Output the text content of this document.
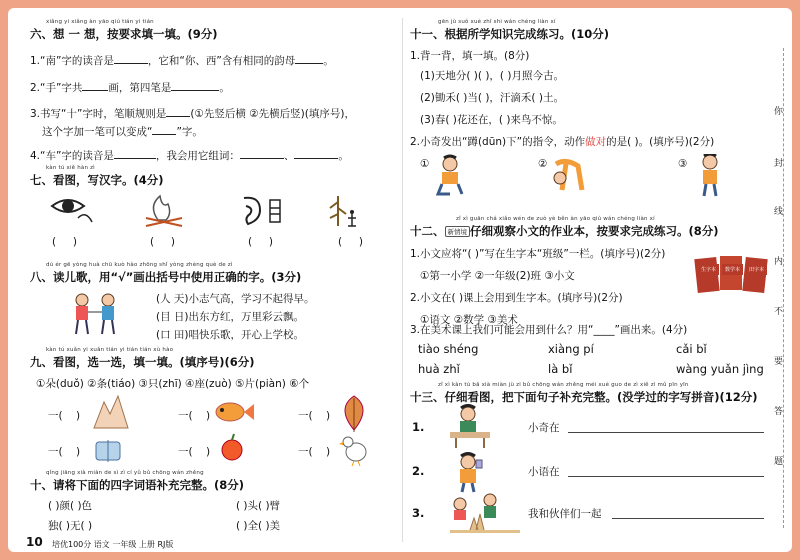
xiǎng yi xiǎng àn yāo qiú tián yi tián
六、想 一 想，按要求填一填。(9分)
1.“南”字的读音是	，它和“你、西”含有相同的韵母	。
2.“手”字共 画，第四笔是	。
3.书写“十”字时，笔顺规则是 (①先竖后横 ②先横后竖)(填序号)，
这个字加一笔可以变成“ ”字。
4.“车”字的读音是	，我会用它组词：	、	。
kàn tú xiě hàn zì
七、看图，写汉字。(4分)
( )	( )	( )	( )
dú ér gē yòng huà chū kuò hào zhōng shǐ yòng zhèng què de zì
八、读儿歌，用“√”画出括号中使用正确的字。(3分)
(人 天)小志气高，学习不起得早。
(目 日)出东方红，万里彩云飘。
(口 田)唱快乐歌，开心上学校。
kàn tú xuǎn yi xuǎn tián yi tián tián xù hào
九、看图，选一选，填一填。(填序号)(6分)
①朵(duǒ) ②条(tiáo) ③只(zhī) ④座(zuò) ⑤片(piàn) ⑥个
一(    )	一(    )	一(    )
一(    )	一(    )	一(    )
qǐng jiāng xià miàn de sì zì cí yǔ bǔ chōng wán zhěng
十、请将下面的四字词语补充完整。(8分)
( )颜( )色	( )头( )臂
独( )无( )	( )全( )美
10 培优100分 语文 一年级 上册 RJ版
gēn jù suǒ xué zhī shi wán chéng liàn xí
十一、根据所学知识完成练习。(10分)
1.背一背，填一填。(8分)
(1)天地分( )( )，( )月照今古。
(2)锄禾( )当( )，汗滴禾( )土。
(3)春( )花还在，( )来鸟不惊。
2.小奇发出“蹲(dūn)下”的指令，动作做对的是( )。(填序号)(2分)
①	②	③
zǐ xì guān chá xiǎo wén de zuò yè běn àn yāo qiú wán chéng liàn xí
十二、 新情境 仔细观察小文的作业本，按要求完成练习。(8分)
1.小文应将“( )”写在生字本“班级”一栏。(填序号)(2分)
①第一小学 ②一年级(2)班 ③小文
2.小文在( )课上会用到生字本。(填序号)(2分)
①语文 ②数学 ③美术
生字本	数学本	田字本
3.在美术课上我们可能会用到什么？用“____”画出来。(4分)
tiào shéng	xiàng pí	cǎi bǐ
huà zhǐ	là bǐ	wàng yuǎn jìng
zǐ xì kàn tú bǎ xià miàn jù zi bǔ chōng wán zhěng méi xué guo de zì xiě zì mǔ pīn yīn
十三、仔细看图，把下面句子补充完整。(没学过的字写拼音)(12分)
1.
2.
3.
小奇在
小语在
我和伙伴们一起
你
封
线
内
不
要
答
题
